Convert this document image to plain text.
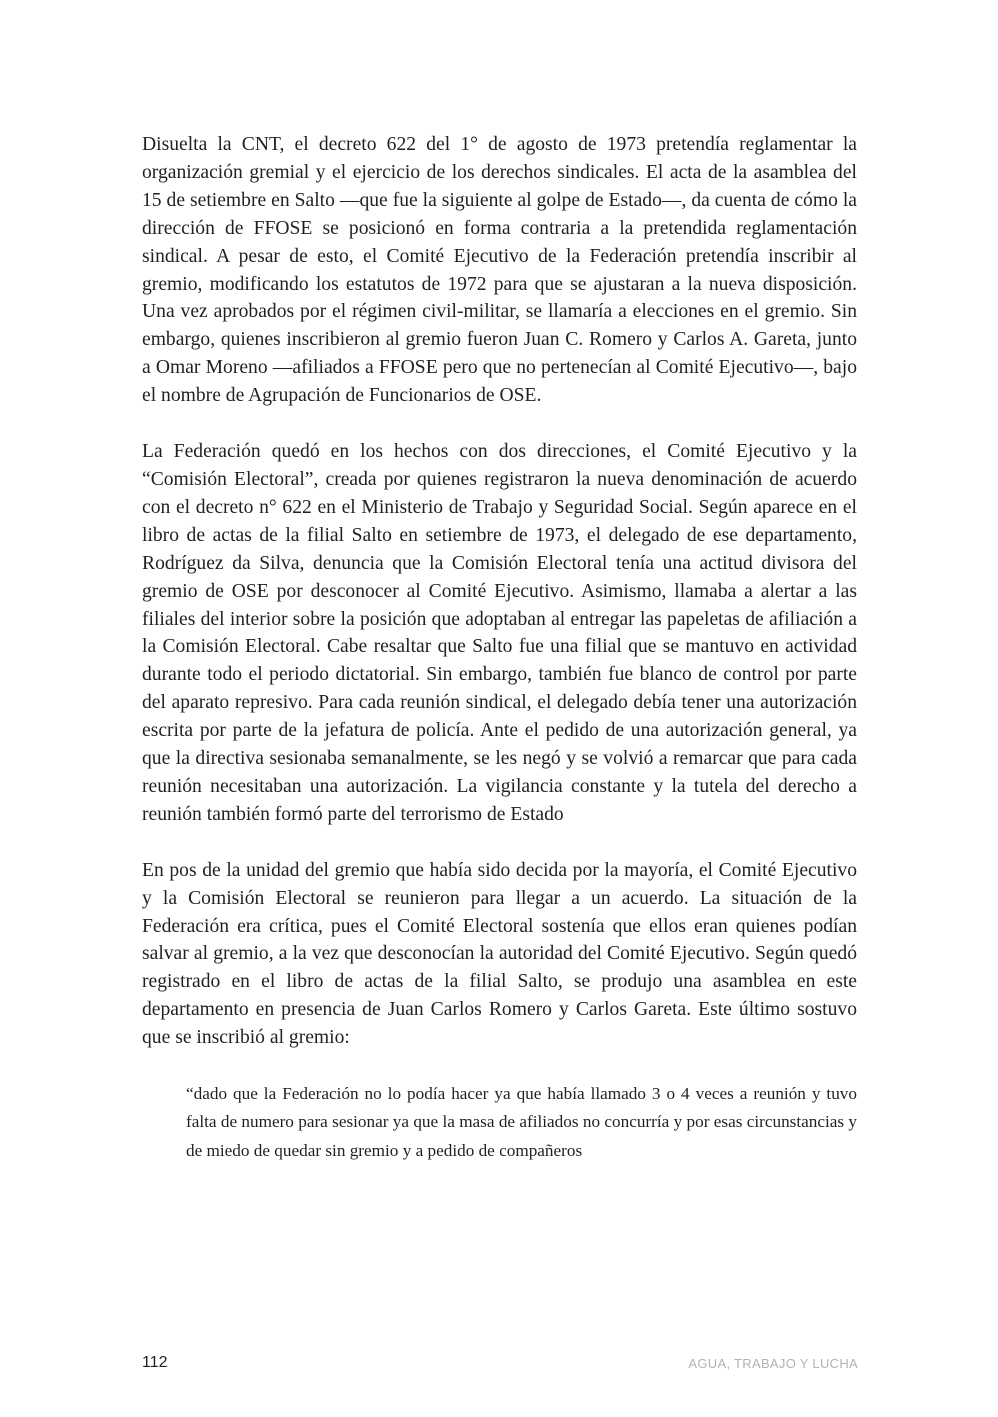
Disuelta la CNT, el decreto 622 del 1° de agosto de 1973 pretendía reglamentar la organización gremial y el ejercicio de los derechos sindicales. El acta de la asamblea del 15 de setiembre en Salto —que fue la siguiente al golpe de Estado—, da cuenta de cómo la dirección de FFOSE se posicionó en forma contraria a la pretendida reglamentación sindical. A pesar de esto, el Comité Ejecutivo de la Federación pretendía inscribir al gremio, modificando los estatutos de 1972 para que se ajustaran a la nueva disposición. Una vez aprobados por el régimen civil-militar, se llamaría a elecciones en el gremio. Sin embargo, quienes inscribieron al gremio fueron Juan C. Romero y Carlos A. Gareta, junto a Omar Moreno —afiliados a FFOSE pero que no pertenecían al Comité Ejecutivo—, bajo el nombre de Agrupación de Funcionarios de OSE.

La Federación quedó en los hechos con dos direcciones, el Comité Ejecutivo y la “Comisión Electoral”, creada por quienes registraron la nueva denominación de acuerdo con el decreto n° 622 en el Ministerio de Trabajo y Seguridad Social. Según aparece en el libro de actas de la filial Salto en setiembre de 1973, el delegado de ese departamento, Rodríguez da Silva, denuncia que la Comisión Electoral tenía una actitud divisora del gremio de OSE por desconocer al Comité Ejecutivo. Asimismo, llamaba a alertar a las filiales del interior sobre la posición que adoptaban al entregar las papeletas de afiliación a la Comisión Electoral. Cabe resaltar que Salto fue una filial que se mantuvo en actividad durante todo el periodo dictatorial. Sin embargo, también fue blanco de control por parte del aparato represivo. Para cada reunión sindical, el delegado debía tener una autorización escrita por parte de la jefatura de policía. Ante el pedido de una autorización general, ya que la directiva sesionaba semanalmente, se les negó y se volvió a remarcar que para cada reunión necesitaban una autorización. La vigilancia constante y la tutela del derecho a reunión también formó parte del terrorismo de Estado

En pos de la unidad del gremio que había sido decida por la mayoría, el Comité Ejecutivo y la Comisión Electoral se reunieron para llegar a un acuerdo. La situación de la Federación era crítica, pues el Comité Electoral sostenía que ellos eran quienes podían salvar al gremio, a la vez que desconocían la autoridad del Comité Ejecutivo. Según quedó registrado en el libro de actas de la filial Salto, se produjo una asamblea en este departamento en presencia de Juan Carlos Romero y Carlos Gareta. Este último sostuvo que se inscribió al gremio:

“dado que la Federación no lo podía hacer ya que había llamado 3 o 4 veces a reunión y tuvo falta de numero para sesionar ya que la masa de afiliados no concurría y por esas circunstancias y de miedo de quedar sin gremio y a pedido de compañeros

112	AGUA, TRABAJO Y LUCHA
